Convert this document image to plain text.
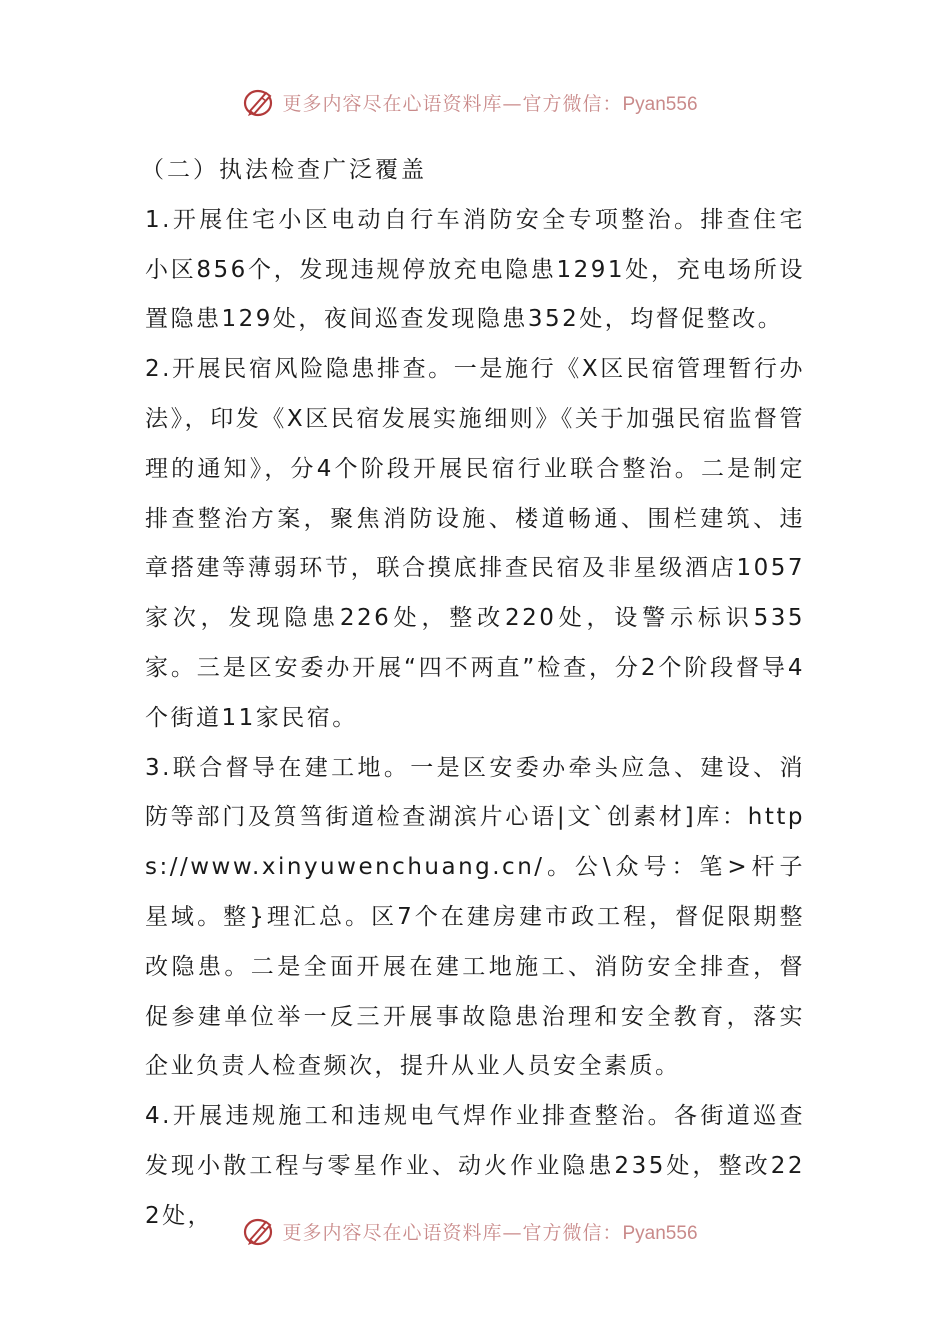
更多内容尽在心语资料库—官方微信：Pyan556

（二）执法检查广泛覆盖

1.开展住宅小区电动自行车消防安全专项整治。排查住宅小区856个，发现违规停放充电隐患1291处，充电场所设置隐患129处，夜间巡查发现隐患352处，均督促整改。

2.开展民宿风险隐患排查。一是施行《X区民宿管理暂行办法》，印发《X区民宿发展实施细则》《关于加强民宿监督管理的通知》，分4个阶段开展民宿行业联合整治。二是制定排查整治方案，聚焦消防设施、楼道畅通、围栏建筑、违章搭建等薄弱环节，联合摸底排查民宿及非星级酒店1057家次，发现隐患226处，整改220处，设警示标识535家。三是区安委办开展“四不两直”检查，分2个阶段督导4个街道11家民宿。

3.联合督导在建工地。一是区安委办牵头应急、建设、消防等部门及筼筜街道检查湖滨片心语|文`创素材]库：https://www.xinyuwenchuang.cn/。公\众号：笔>杆子星域。整}理汇总。区7个在建房建市政工程，督促限期整改隐患。二是全面开展在建工地施工、消防安全排查，督促参建单位举一反三开展事故隐患治理和安全教育，落实企业负责人检查频次，提升从业人员安全素质。

4.开展违规施工和违规电气焊作业排查整治。各街道巡查发现小散工程与零星作业、动火作业隐患235处，整改222处，

更多内容尽在心语资料库—官方微信：Pyan556
